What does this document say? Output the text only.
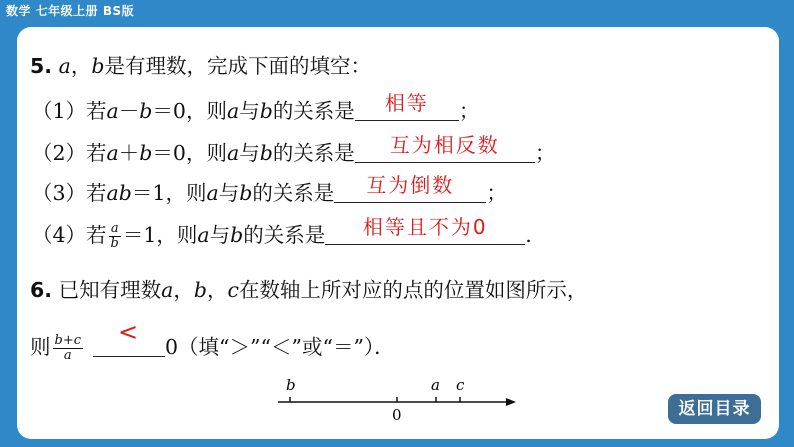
数学 七年级上册 BS版
5. a，b是有理数，完成下面的填空：
（1）若a－b＝0，则a与b的关系是	相等	；
（2）若a＋b＝0，则a与b的关系是	互为相反数	；
（3）若ab＝1，则a与b的关系是	互为倒数	；
（4）若 $\frac{a}{b} =1$，则a与b的关系是	相等且不为0	.
6. 已知有理数a，b，c在数轴上所对应的点的位置如图所示，
则 $\frac{b+c}{a}$
<
0（填“＞”“＜”或“＝”）．
b
0
a c
返回目录
